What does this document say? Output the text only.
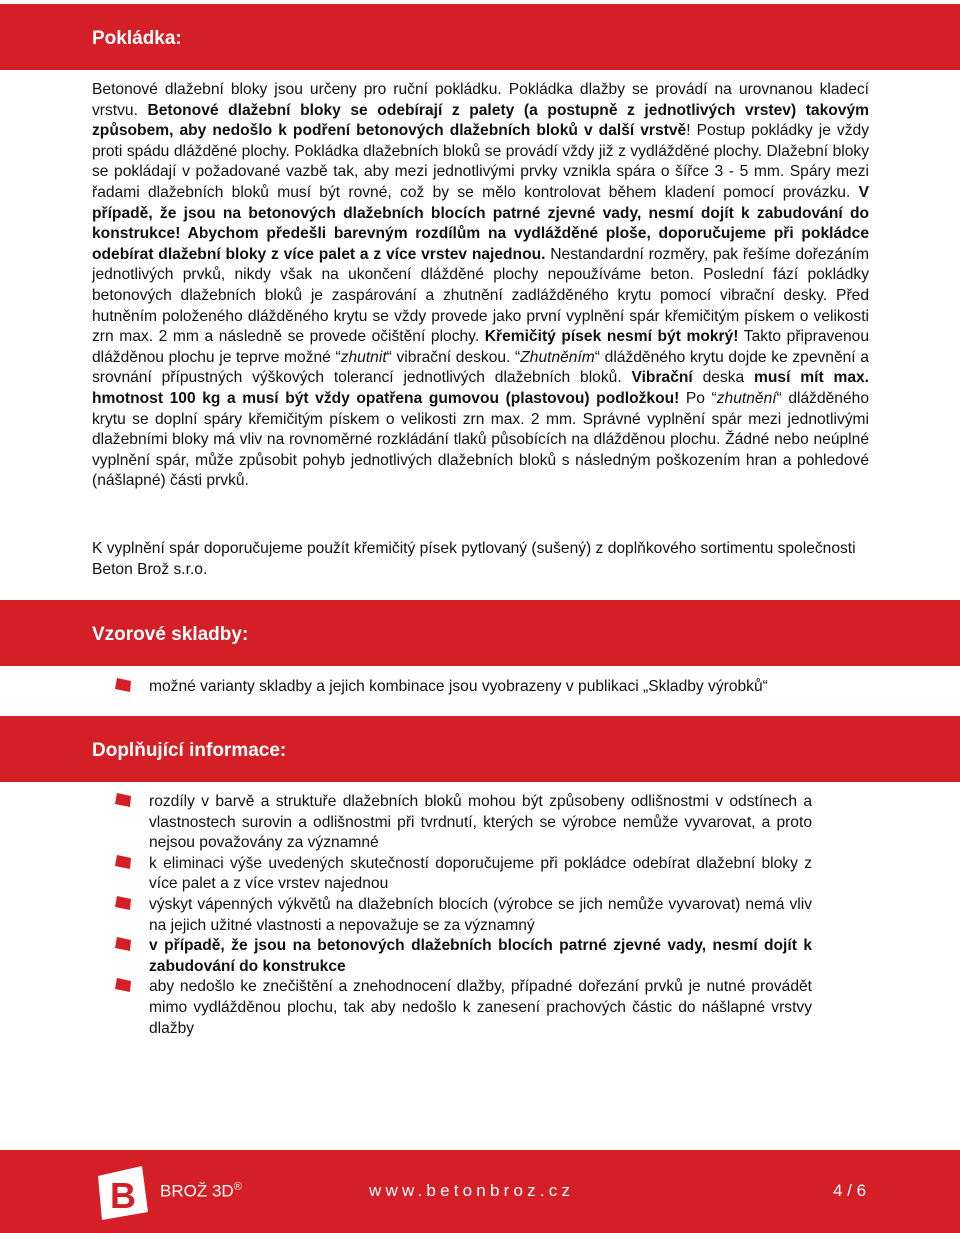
Pokládka:

Betonové dlažební bloky jsou určeny pro ruční pokládku. Pokládka dlažby se provádí na urovnanou kladecí vrstvu. Betonové dlažební bloky se odebírají z palety (a postupně z jednotlivých vrstev) takovým způsobem, aby nedošlo k podření betonových dlažebních bloků v další vrstvě! Postup pokládky je vždy proti spádu dlážděné plochy. Pokládka dlažebních bloků se provádí vždy již z vydlážděné plochy. Dlažební bloky se pokládají v požadované vazbě tak, aby mezi jednotlivými prvky vznikla spára o šířce 3 - 5 mm. Spáry mezi řadami dlažebních bloků musí být rovné, což by se mělo kontrolovat během kladení pomocí provázku. V případě, že jsou na betonových dlažebních blocích patrné zjevné vady, nesmí dojít k zabudování do konstrukce! Abychom předešli barevným rozdílům na vydlážděné ploše, doporučujeme při pokládce odebírat dlažební bloky z více palet a z více vrstev najednou. Nestandardní rozměry, pak řešíme dořezáním jednotlivých prvků, nikdy však na ukončení dlážděné plochy nepoužíváme beton. Poslední fází pokládky betonových dlažebních bloků je zaspárování a zhutnění zadlážděného krytu pomocí vibrační desky. Před hutněním položeného dlážděného krytu se vždy provede jako první vyplnění spár křemičitým pískem o velikosti zrn max. 2 mm a následně se provede očištění plochy. Křemičitý písek nesmí být mokrý! Takto připravenou dlážděnou plochu je teprve možné “zhutnit“ vibrační deskou. “Zhutněním“ dlážděného krytu dojde ke zpevnění a srovnání přípustných výškových tolerancí jednotlivých dlažebních bloků. Vibrační deska musí mít max. hmotnost 100 kg a musí být vždy opatřena gumovou (plastovou) podložkou! Po “zhutnění“ dlážděného krytu se doplní spáry křemičitým pískem o velikosti zrn max. 2 mm. Správné vyplnění spár mezi jednotlivými dlažebními bloky má vliv na rovnoměrné rozkládání tlaků působících na dlážděnou plochu. Žádné nebo neúplné vyplnění spár, může způsobit pohyb jednotlivých dlažebních bloků s následným poškozením hran a pohledové (nášlapné) části prvků.

K vyplnění spár doporučujeme použít křemičitý písek pytlovaný (sušený) z doplňkového sortimentu společnosti Beton Brož s.r.o.

Vzorové skladby:
možné varianty skladby a jejich kombinace jsou vyobrazeny v publikaci „Skladby výrobků“
Doplňující informace:
rozdíly v barvě a struktuře dlažebních bloků mohou být způsobeny odlišnostmi v odstínech a vlastnostech surovin a odlišnostmi při tvrdnutí, kterých se výrobce nemůže vyvarovat, a proto nejsou považovány za významné
k eliminaci výše uvedených skutečností doporučujeme při pokládce odebírat dlažební bloky z více palet a z více vrstev najednou
výskyt vápenných výkvětů na dlažebních blocích (výrobce se jich nemůže vyvarovat) nemá vliv na jejich užitné vlastnosti a nepovažuje se za významný
v případě, že jsou na betonových dlažebních blocích patrné zjevné vady, nesmí dojít k zabudování do konstrukce
aby nedošlo ke znečištění a znehodnocení dlažby, případné dořezání prvků je nutné provádět mimo vydlážděnou plochu, tak aby nedošlo k zanesení prachových částic do nášlapné vrstvy dlažby
B BROŽ 3D®	www.betonbroz.cz	4 / 6
